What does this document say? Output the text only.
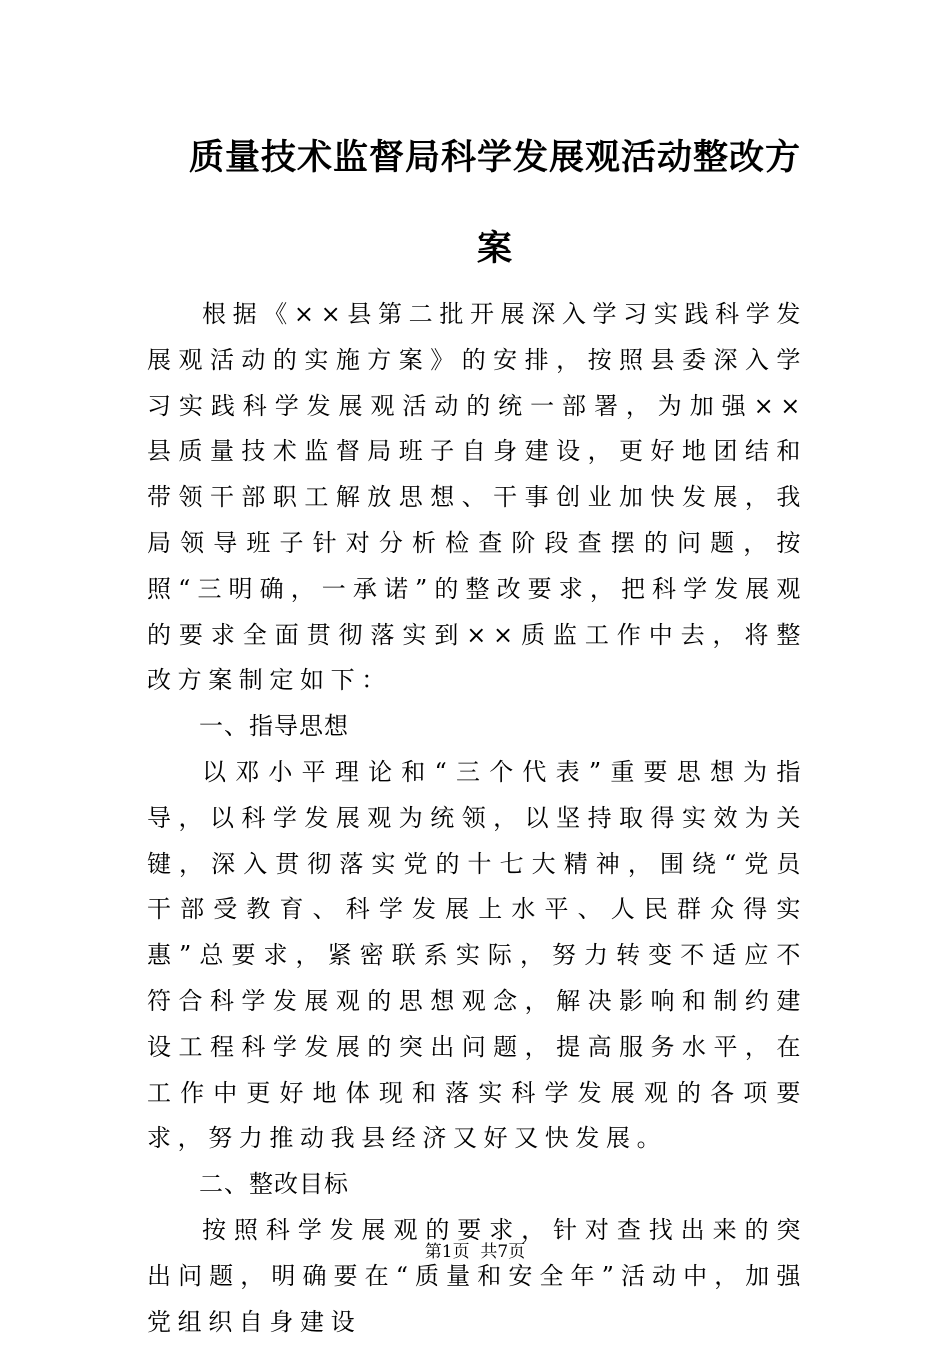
质量技术监督局科学发展观活动整改方
案

根据《××县第二批开展深入学习实践科学发展观活动的实施方案》的安排，按照县委深入学习实践科学发展观活动的统一部署，为加强××县质量技术监督局班子自身建设，更好地团结和带领干部职工解放思想、干事创业加快发展，我局领导班子针对分析检查阶段查摆的问题，按照“三明确，一承诺”的整改要求，把科学发展观的要求全面贯彻落实到××质监工作中去，将整改方案制定如下：

一、指导思想

以邓小平理论和“三个代表”重要思想为指导，以科学发展观为统领，以坚持取得实效为关键，深入贯彻落实党的十七大精神，围绕“党员干部受教育、科学发展上水平、人民群众得实惠”总要求，紧密联系实际，努力转变不适应不符合科学发展观的思想观念，解决影响和制约建设工程科学发展的突出问题，提高服务水平，在工作中更好地体现和落实科学发展观的各项要求，努力推动我县经济又好又快发展。

二、整改目标

按照科学发展观的要求，针对查找出来的突出问题，明确要在“质量和安全年”活动中，加强党组织自身建设

第1页  共7页
